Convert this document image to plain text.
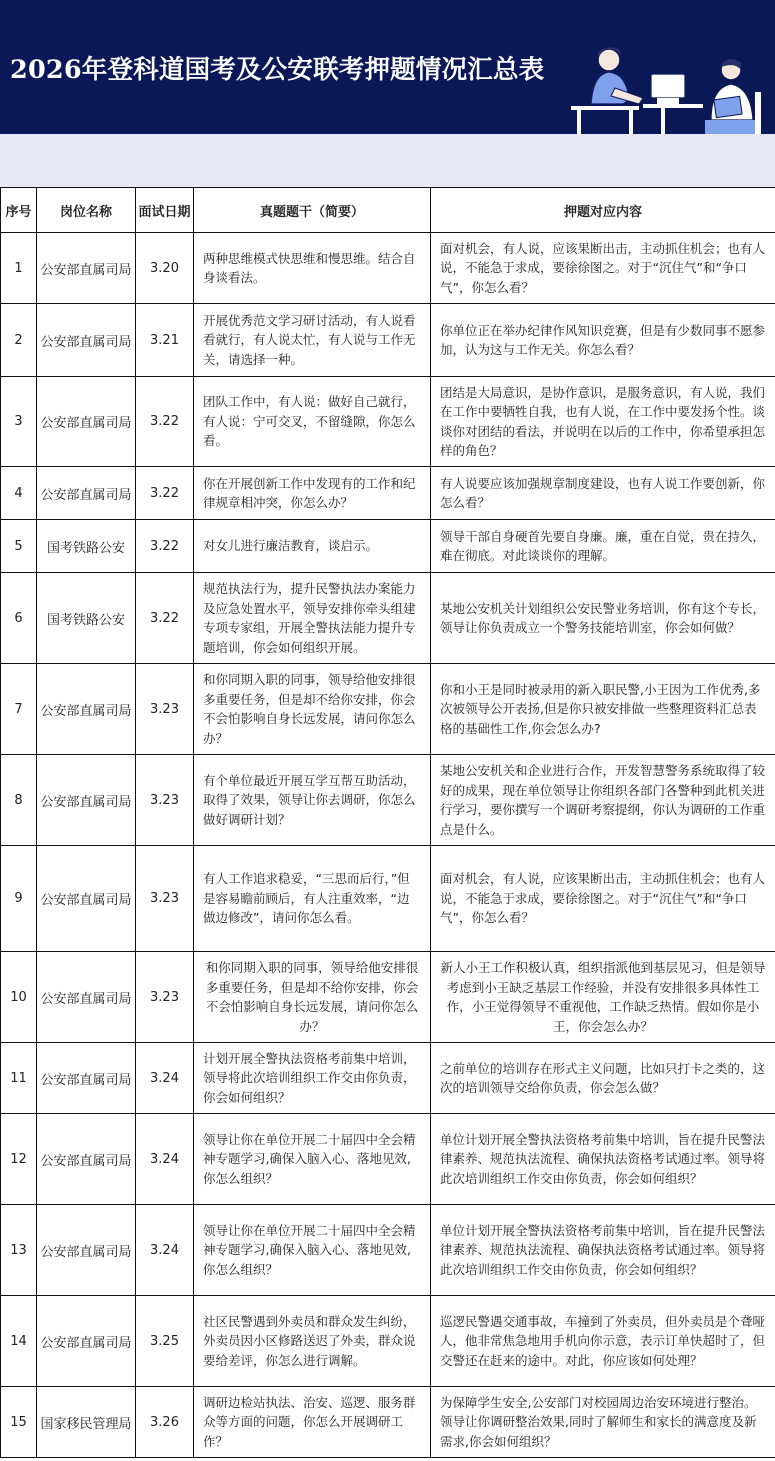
2026年登科道国考及公安联考押题情况汇总表
序号	岗位名称	面试日期	真题题干（简要）	押题对应内容
1	公安部直属司局	3.20	两种思维模式快思维和慢思维。结合自身谈看法。	面对机会，有人说，应该果断出击，主动抓住机会；也有人说，不能急于求成，要徐徐图之。对于“沉住气”和“争口气”，你怎么看？
2	公安部直属司局	3.21	开展优秀范文学习研讨活动，有人说看看就行，有人说太忙，有人说与工作无关，请选择一种。	你单位正在举办纪律作风知识竞赛，但是有少数同事不愿参加，认为这与工作无关。你怎么看？
3	公安部直属司局	3.22	团队工作中，有人说：做好自己就行，有人说：宁可交叉，不留缝隙，你怎么看。	团结是大局意识，是协作意识，是服务意识，有人说，我们在工作中要牺牲自我，也有人说，在工作中要发扬个性。谈谈你对团结的看法，并说明在以后的工作中，你希望承担怎样的角色？
4	公安部直属司局	3.22	你在开展创新工作中发现有的工作和纪律规章相冲突，你怎么办？	有人说要应该加强规章制度建设，也有人说工作要创新，你怎么看？
5	国考铁路公安	3.22	对女儿进行廉洁教育，谈启示。	领导干部自身硬首先要自身廉。廉，重在自觉，贵在持久，难在彻底。对此谈谈你的理解。
6	国考铁路公安	3.22	规范执法行为，提升民警执法办案能力及应急处置水平，领导安排你牵头组建专项专家组，开展全警执法能力提升专题培训，你会如何组织开展。	某地公安机关计划组织公安民警业务培训，你有这个专长，领导让你负责成立一个警务技能培训室，你会如何做？
7	公安部直属司局	3.23	和你同期入职的同事，领导给他安排很多重要任务，但是却不给你安排，你会不会怕影响自身长远发展，请问你怎么办？	你和小王是同时被录用的新入职民警,小王因为工作优秀,多次被领导公开表扬,但是你只被安排做一些整理资料汇总表格的基础性工作,你会怎么办?
8	公安部直属司局	3.23	有个单位最近开展互学互帮互助活动，取得了效果，领导让你去调研，你怎么做好调研计划？	某地公安机关和企业进行合作，开发智慧警务系统取得了较好的成果，现在单位领导让你组织各部门各警种到此机关进行学习，要你撰写一个调研考察提纲，你认为调研的工作重点是什么。
9	公安部直属司局	3.23	有人工作追求稳妥，“三思而后行，”但是容易瞻前顾后，有人注重效率，“边做边修改”，请问你怎么看。	面对机会，有人说，应该果断出击，主动抓住机会；也有人说，不能急于求成，要徐徐图之。对于“沉住气”和“争口气”，你怎么看？
10	公安部直属司局	3.23	和你同期入职的同事，领导给他安排很多重要任务，但是却不给你安排，你会不会怕影响自身长远发展，请问你怎么办？	新人小王工作积极认真，组织指派他到基层见习，但是领导考虑到小王缺乏基层工作经验，并没有安排很多具体性工作，小王觉得领导不重视他，工作缺乏热情。假如你是小王，你会怎么办？
11	公安部直属司局	3.24	计划开展全警执法资格考前集中培训，领导将此次培训组织工作交由你负责，你会如何组织？	之前单位的培训存在形式主义问题，比如只打卡之类的，这次的培训领导交给你负责，你会怎么做？
12	公安部直属司局	3.24	领导让你在单位开展二十届四中全会精神专题学习,确保入脑入心、落地见效,你怎么组织？	单位计划开展全警执法资格考前集中培训，旨在提升民警法律素养、规范执法流程、确保执法资格考试通过率。领导将此次培训组织工作交由你负责，你会如何组织？
13	公安部直属司局	3.24	领导让你在单位开展二十届四中全会精神专题学习,确保入脑入心、落地见效,你怎么组织？	单位计划开展全警执法资格考前集中培训，旨在提升民警法律素养、规范执法流程、确保执法资格考试通过率。领导将此次培训组织工作交由你负责，你会如何组织？
14	公安部直属司局	3.25	社区民警遇到外卖员和群众发生纠纷，外卖员因小区修路送迟了外卖，群众说要给差评，你怎么进行调解。	巡逻民警遇交通事故，车撞到了外卖员，但外卖员是个聋哑人，他非常焦急地用手机向你示意，表示订单快超时了，但交警还在赶来的途中。对此，你应该如何处理？
15	国家移民管理局	3.26	调研边检站执法、治安、巡逻、服务群众等方面的问题，你怎么开展调研工作？	为保障学生安全,公安部门对校园周边治安环境进行整治。领导让你调研整治效果,同时了解师生和家长的满意度及新需求,你会如何组织？
